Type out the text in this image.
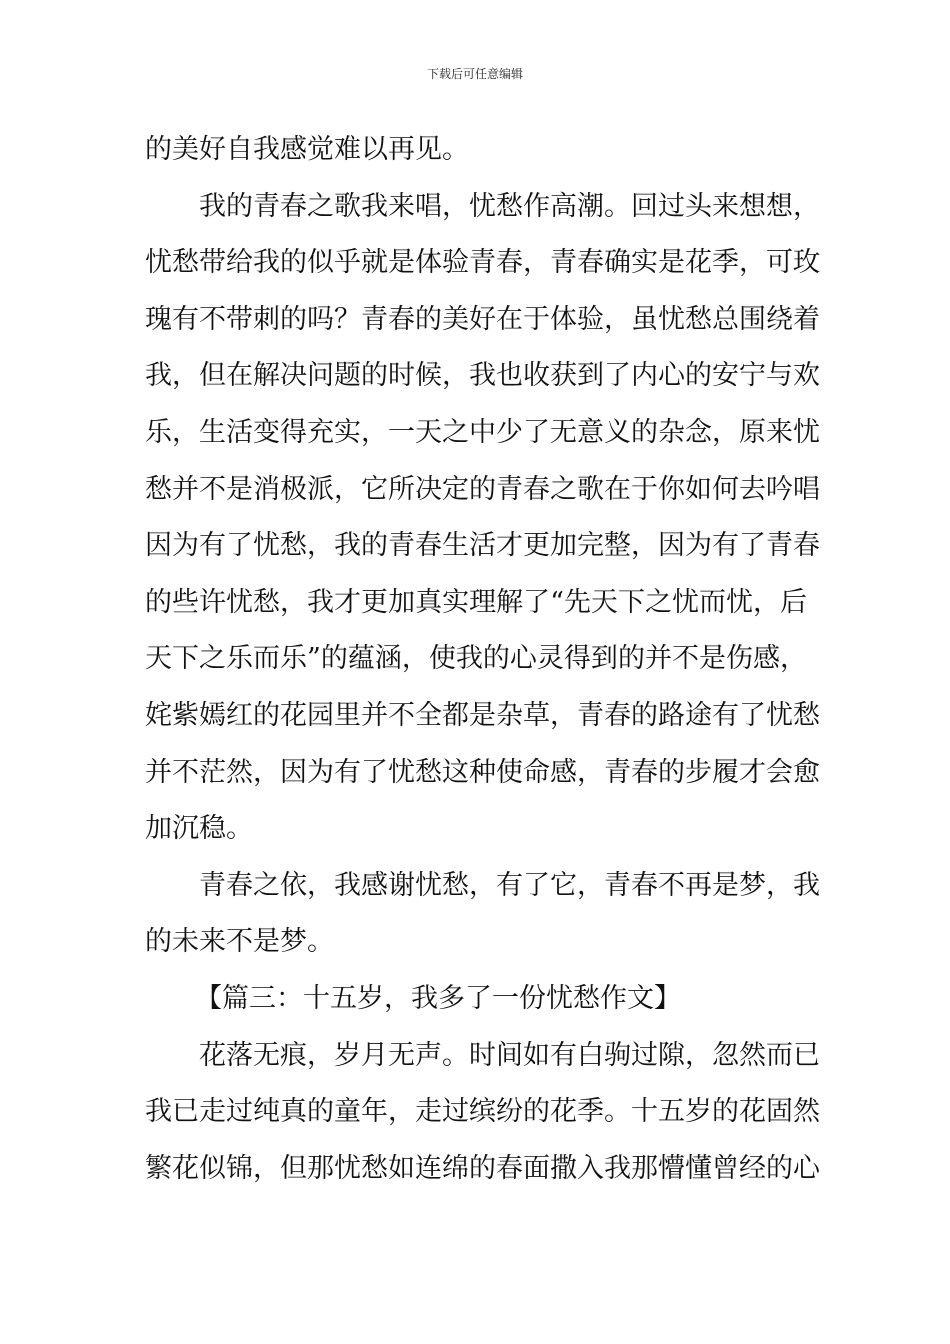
下载后可任意编辑
的美好自我感觉难以再见。
我的青春之歌我来唱，忧愁作高潮。回过头来想想，
忧愁带给我的似乎就是体验青春，青春确实是花季，可玫
瑰有不带刺的吗？青春的美好在于体验，虽忧愁总围绕着
我，但在解决问题的时候，我也收获到了内心的安宁与欢
乐，生活变得充实，一天之中少了无意义的杂念，原来忧
愁并不是消极派，它所决定的青春之歌在于你如何去吟唱
因为有了忧愁，我的青春生活才更加完整，因为有了青春
的些许忧愁，我才更加真实理解了“先天下之忧而忧，后
天下之乐而乐”的蕴涵，使我的心灵得到的并不是伤感，
姹紫嫣红的花园里并不全都是杂草，青春的路途有了忧愁
并不茫然，因为有了忧愁这种使命感，青春的步履才会愈
加沉稳。
青春之依，我感谢忧愁，有了它，青春不再是梦，我
的未来不是梦。
【篇三：十五岁，我多了一份忧愁作文】
花落无痕，岁月无声。时间如有白驹过隙，忽然而已
我已走过纯真的童年，走过缤纷的花季。十五岁的花固然
繁花似锦，但那忧愁如连绵的春面撒入我那懵懂曾经的心
